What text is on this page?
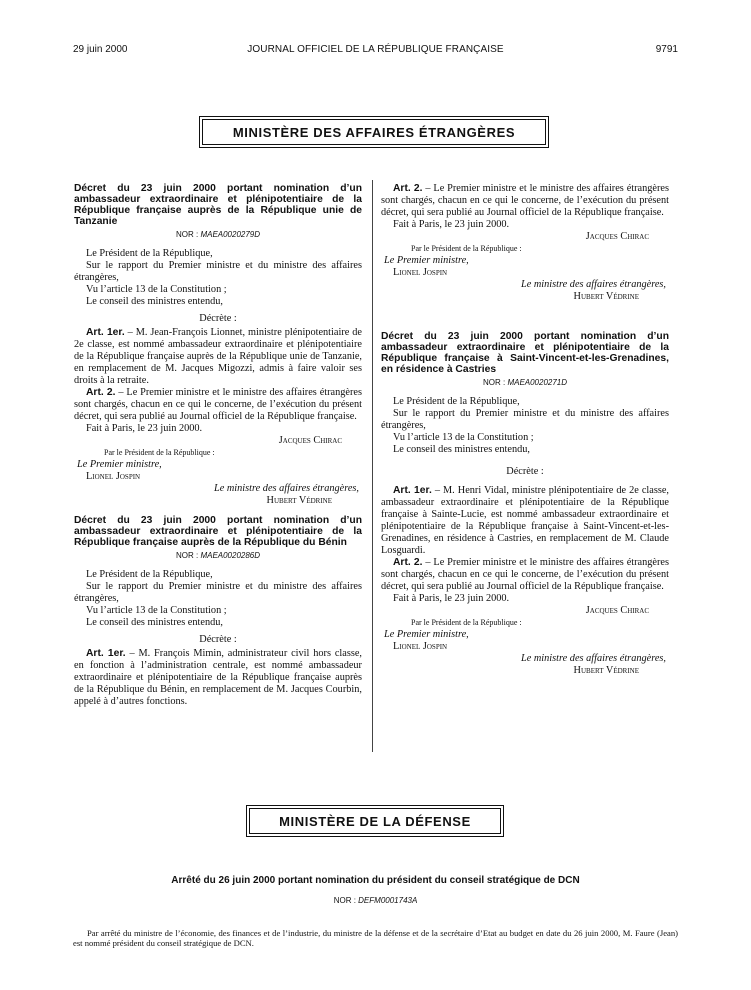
29 juin 2000	JOURNAL OFFICIEL DE LA RÉPUBLIQUE FRANÇAISE	9791
MINISTÈRE DES AFFAIRES ÉTRANGÈRES
Décret du 23 juin 2000 portant nomination d’un ambassadeur extraordinaire et plénipotentiaire de la République française auprès de la République unie de Tanzanie
NOR : MAEA0020279D

Le Président de la République,

Sur le rapport du Premier ministre et du ministre des affaires étrangères,

Vu l’article 13 de la Constitution ;

Le conseil des ministres entendu,

Décrète :

Art. 1er. – M. Jean-François Lionnet, ministre plénipotentiaire de 2e classe, est nommé ambassadeur extraordinaire et plénipotentiaire de la République française auprès de la République unie de Tanzanie, en remplacement de M. Jacques Migozzi, admis à faire valoir ses droits à la retraite.

Art. 2. – Le Premier ministre et le ministre des affaires étrangères sont chargés, chacun en ce qui le concerne, de l’exécution du présent décret, qui sera publié au Journal officiel de la République française.

Fait à Paris, le 23 juin 2000.

Jacques Chirac
Par le Président de la République :
Le Premier ministre,
Lionel Jospin
Le ministre des affaires étrangères,
Hubert Védrine
Décret du 23 juin 2000 portant nomination d’un ambassadeur extraordinaire et plénipotentiaire de la République française auprès de la République du Bénin
NOR : MAEA0020286D

Le Président de la République,

Sur le rapport du Premier ministre et du ministre des affaires étrangères,

Vu l’article 13 de la Constitution ;

Le conseil des ministres entendu,

Décrète :

Art. 1er. – M. François Mimin, administrateur civil hors classe, en fonction à l’administration centrale, est nommé ambassadeur extraordinaire et plénipotentiaire de la République française auprès de la République du Bénin, en remplacement de M. Jacques Courbin, appelé à d’autres fonctions.

Art. 2. – Le Premier ministre et le ministre des affaires étrangères sont chargés, chacun en ce qui le concerne, de l’exécution du présent décret, qui sera publié au Journal officiel de la République française.

Fait à Paris, le 23 juin 2000.

Jacques Chirac
Par le Président de la République :
Le Premier ministre,
Lionel Jospin
Le ministre des affaires étrangères,
Hubert Védrine
Décret du 23 juin 2000 portant nomination d’un ambassadeur extraordinaire et plénipotentiaire de la République française à Saint-Vincent-et-les-Grenadines, en résidence à Castries
NOR : MAEA0020271D

Le Président de la République,

Sur le rapport du Premier ministre et du ministre des affaires étrangères,

Vu l’article 13 de la Constitution ;

Le conseil des ministres entendu,

Décrète :

Art. 1er. – M. Henri Vidal, ministre plénipotentiaire de 2e classe, ambassadeur extraordinaire et plénipotentiaire de la République française à Sainte-Lucie, est nommé ambassadeur extraordinaire et plénipotentiaire de la République française à Saint-Vincent-et-les-Grenadines, en résidence à Castries, en remplacement de M. Claude Losguardi.

Art. 2. – Le Premier ministre et le ministre des affaires étrangères sont chargés, chacun en ce qui le concerne, de l’exécution du présent décret, qui sera publié au Journal officiel de la République française.

Fait à Paris, le 23 juin 2000.

Jacques Chirac
Par le Président de la République :
Le Premier ministre,
Lionel Jospin
Le ministre des affaires étrangères,
Hubert Védrine
MINISTÈRE DE LA DÉFENSE
Arrêté du 26 juin 2000 portant nomination du président du conseil stratégique de DCN
NOR : DEFM0001743A
Par arrêté du ministre de l’économie, des finances et de l’industrie, du ministre de la défense et de la secrétaire d’Etat au budget en date du 26 juin 2000, M. Faure (Jean) est nommé président du conseil stratégique de DCN.
